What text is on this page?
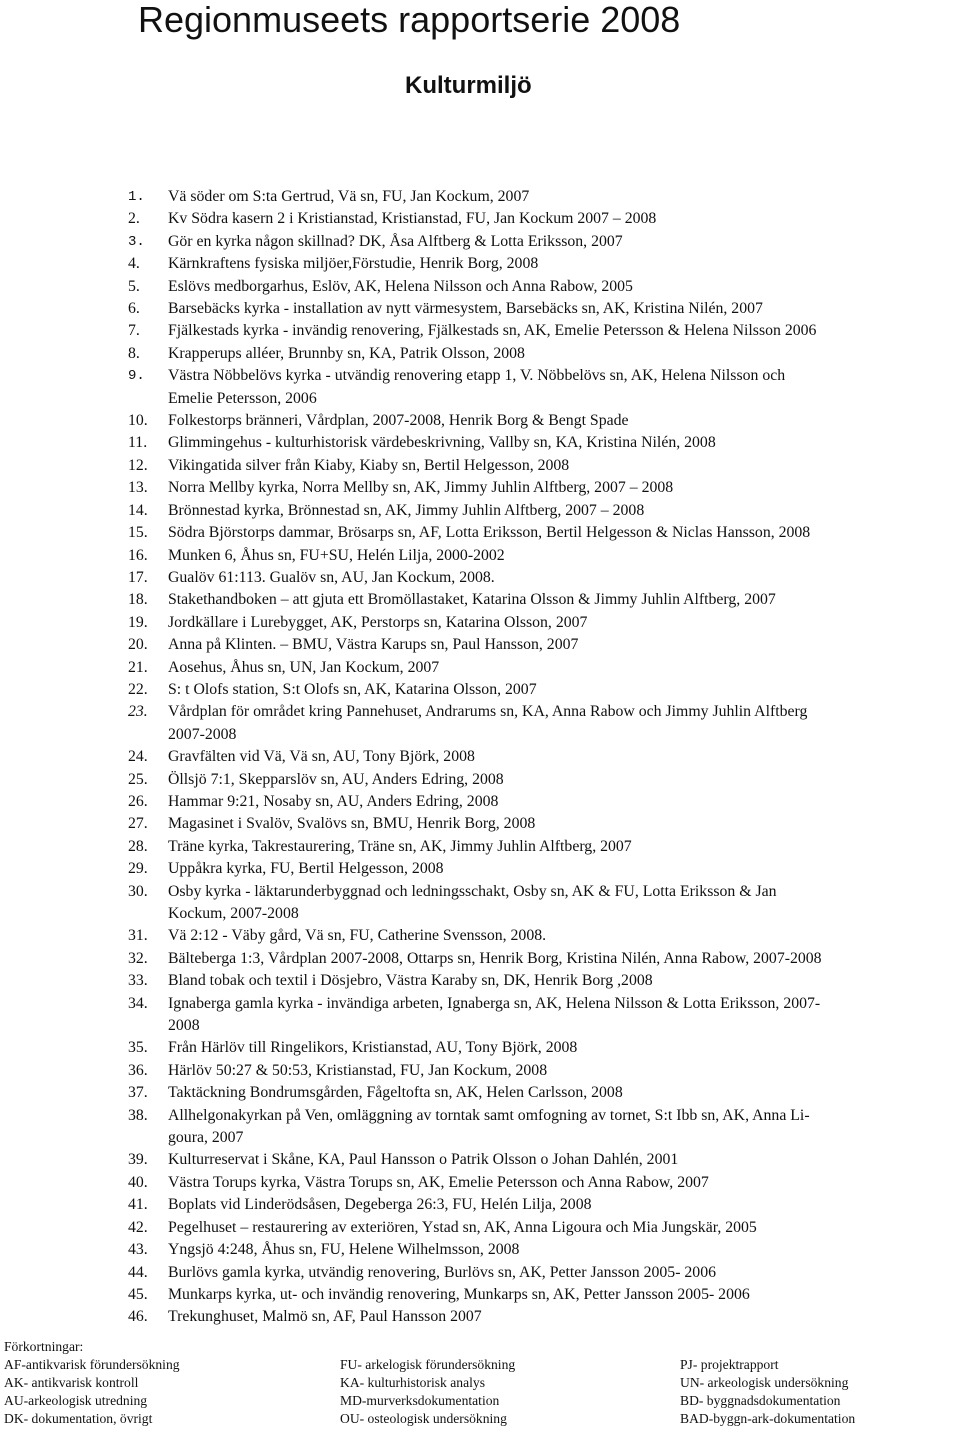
Regionmuseets rapportserie 2008
Kulturmiljö
1.	Vä söder om S:ta Gertrud, Vä sn, FU, Jan Kockum, 2007
2.	Kv Södra kasern 2 i Kristianstad, Kristianstad, FU, Jan Kockum 2007 – 2008
3.	Gör en kyrka någon skillnad? DK, Åsa Alftberg & Lotta Eriksson, 2007
4.	Kärnkraftens fysiska miljöer,Förstudie, Henrik Borg, 2008
5.	Eslövs medborgarhus, Eslöv, AK, Helena Nilsson och Anna Rabow, 2005
6.	Barsebäcks kyrka - installation av nytt värmesystem, Barsebäcks sn, AK, Kristina Nilén, 2007
7.	Fjälkestads kyrka - invändig renovering, Fjälkestads sn, AK, Emelie Petersson & Helena Nilsson 2006
8.	Krapperups alléer, Brunnby sn, KA, Patrik Olsson, 2008
9.	Västra Nöbbelövs kyrka - utvändig renovering etapp 1, V. Nöbbelövs sn, AK, Helena Nilsson och
Emelie Petersson, 2006
10.	Folkestorps bränneri, Vårdplan, 2007-2008, Henrik Borg & Bengt Spade
11.	Glimmingehus - kulturhistorisk värdebeskrivning, Vallby sn, KA, Kristina Nilén, 2008
12.	Vikingatida silver från Kiaby, Kiaby sn, Bertil Helgesson, 2008
13.	Norra Mellby kyrka, Norra Mellby sn, AK, Jimmy Juhlin Alftberg, 2007 – 2008
14.	Brönnestad kyrka, Brönnestad sn, AK, Jimmy Juhlin Alftberg, 2007 – 2008
15.	Södra Björstorps dammar, Brösarps sn, AF, Lotta Eriksson, Bertil Helgesson & Niclas Hansson, 2008
16.	Munken 6, Åhus sn, FU+SU, Helén Lilja, 2000-2002
17.	Gualöv 61:113. Gualöv sn, AU, Jan Kockum, 2008.
18.	Stakethandboken – att gjuta ett Bromöllastaket, Katarina Olsson & Jimmy Juhlin Alftberg, 2007
19.	Jordkällare i Lurebygget, AK, Perstorps sn, Katarina Olsson, 2007
20.	Anna på Klinten. – BMU, Västra Karups sn, Paul Hansson, 2007
21.	Aosehus, Åhus sn, UN, Jan Kockum, 2007
22.	S: t Olofs station, S:t Olofs sn, AK, Katarina Olsson, 2007
23.	Vårdplan för området kring Pannehuset, Andrarums sn, KA, Anna Rabow och Jimmy Juhlin Alftberg
2007-2008
24.	Gravfälten vid Vä, Vä sn, AU, Tony Björk, 2008
25.	Öllsjö 7:1, Skepparslöv sn, AU, Anders Edring, 2008
26.	Hammar 9:21, Nosaby sn, AU, Anders Edring, 2008
27.	Magasinet i Svalöv, Svalövs sn, BMU, Henrik Borg, 2008
28.	Träne kyrka, Takrestaurering, Träne sn, AK, Jimmy Juhlin Alftberg, 2007
29.	Uppåkra kyrka, FU, Bertil Helgesson, 2008
30.	Osby kyrka - läktarunderbyggnad och ledningsschakt, Osby sn, AK & FU, Lotta Eriksson & Jan
Kockum, 2007-2008
31.	Vä 2:12 - Väby gård, Vä sn, FU, Catherine Svensson, 2008.
32.	Bälteberga 1:3, Vårdplan 2007-2008, Ottarps sn, Henrik Borg, Kristina Nilén, Anna Rabow, 2007-2008
33.	Bland tobak och textil i Dösjebro, Västra Karaby sn, DK, Henrik Borg ,2008
34.	Ignaberga gamla kyrka - invändiga arbeten, Ignaberga sn, AK, Helena Nilsson & Lotta Eriksson, 2007-
2008
35.	Från Härlöv till Ringelikors, Kristianstad, AU, Tony Björk, 2008
36.	Härlöv 50:27 & 50:53, Kristianstad, FU, Jan Kockum, 2008
37.	Taktäckning Bondrumsgården, Fågeltofta sn, AK, Helen Carlsson, 2008
38.	Allhelgonakyrkan på Ven, omläggning av torntak samt omfogning av tornet, S:t Ibb sn, AK, Anna Li-
goura, 2007
39.	Kulturreservat i Skåne, KA, Paul Hansson o Patrik Olsson o Johan Dahlén, 2001
40.	Västra Torups kyrka, Västra Torups sn, AK, Emelie Petersson och Anna Rabow, 2007
41.	Boplats vid Linderödsåsen, Degeberga 26:3, FU, Helén Lilja, 2008
42.	Pegelhuset – restaurering av exteriören, Ystad sn, AK, Anna Ligoura och Mia Jungskär, 2005
43.	Yngsjö 4:248, Åhus sn, FU, Helene Wilhelmsson, 2008
44.	Burlövs gamla kyrka, utvändig renovering, Burlövs sn, AK, Petter Jansson 2005- 2006
45.	Munkarps kyrka, ut- och invändig renovering, Munkarps sn, AK, Petter Jansson 2005- 2006
46.	Trekunghuset, Malmö sn, AF, Paul Hansson 2007

Förkortningar:

AF-antikvarisk förundersökning	FU- arkelogisk förundersökning	PJ- projektrapport
AK- antikvarisk kontroll	KA- kulturhistorisk analys	UN- arkeologisk undersökning
AU-arkeologisk utredning	MD-murverksdokumentation	BD- byggnadsdokumentation
DK- dokumentation, övrigt	OU- osteologisk undersökning	BAD-byggn-ark-dokumentation
